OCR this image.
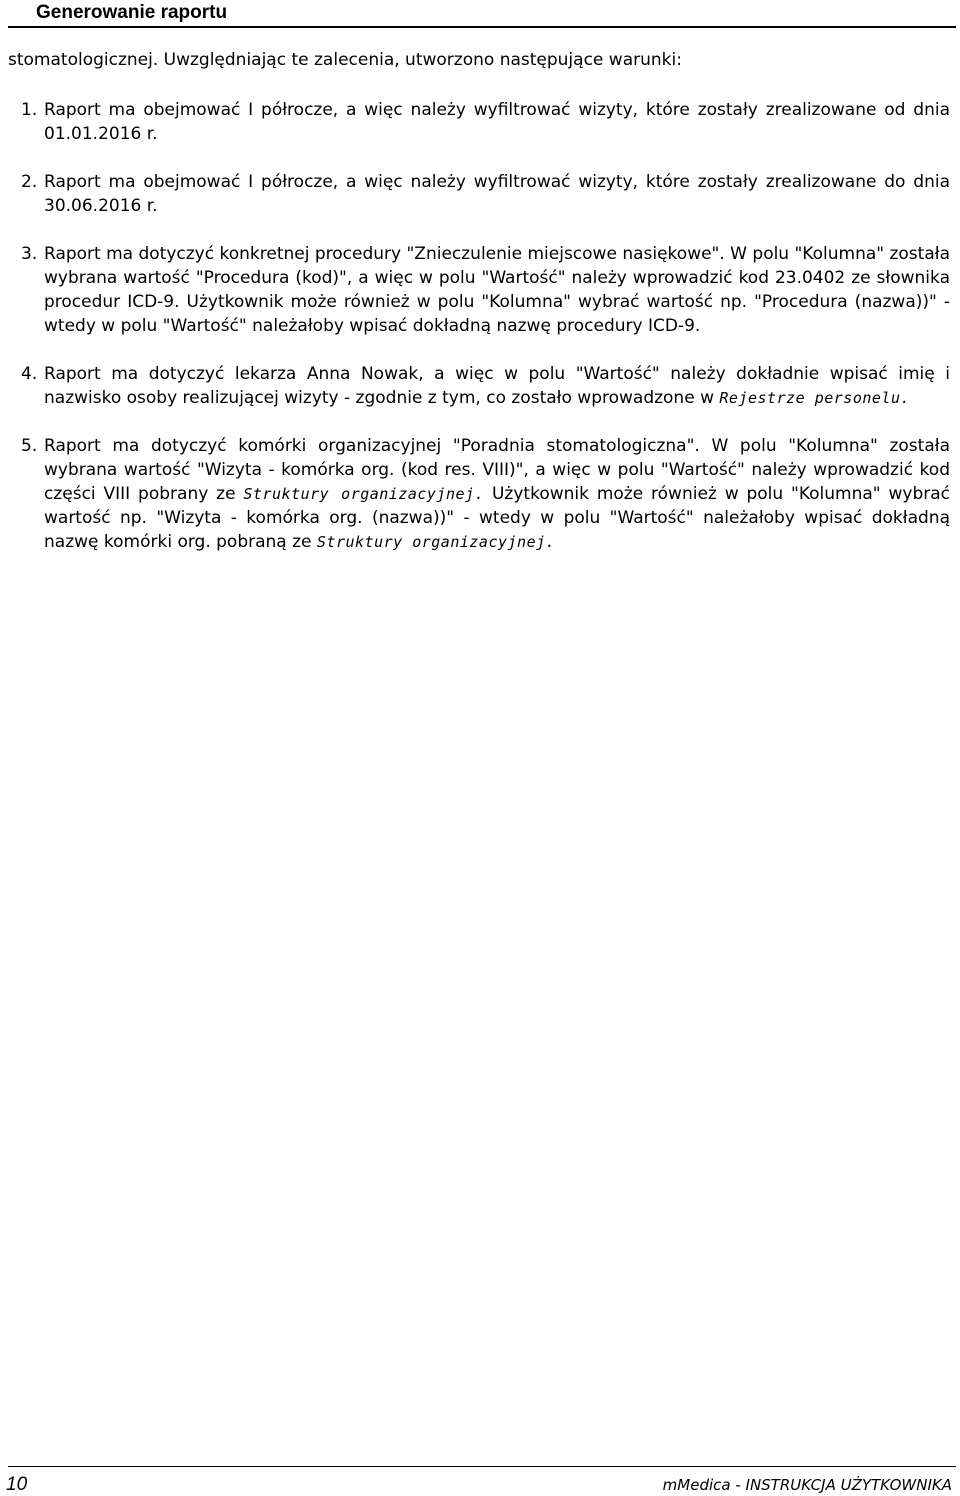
Generowanie raportu

stomatologicznej. Uwzględniając te zalecenia, utworzono następujące warunki:

1. Raport ma obejmować I półrocze, a więc należy wyfiltrować wizyty, które zostały zrealizowane od dnia 01.01.2016 r.

2. Raport ma obejmować I półrocze, a więc należy wyfiltrować wizyty, które zostały zrealizowane do dnia 30.06.2016 r.

3. Raport ma dotyczyć konkretnej procedury "Znieczulenie miejscowe nasiękowe". W polu "Kolumna" została wybrana wartość "Procedura (kod)", a więc w polu "Wartość" należy wprowadzić kod 23.0402 ze słownika procedur ICD-9. Użytkownik może również w polu "Kolumna" wybrać wartość np. "Procedura (nazwa))" - wtedy w polu "Wartość" należałoby wpisać dokładną nazwę procedury ICD-9.

4. Raport ma dotyczyć lekarza Anna Nowak, a więc w polu "Wartość" należy dokładnie wpisać imię i nazwisko osoby realizującej wizyty - zgodnie z tym, co zostało wprowadzone w Rejestrze personelu.

5. Raport ma dotyczyć komórki organizacyjnej "Poradnia stomatologiczna". W polu "Kolumna" została wybrana wartość "Wizyta - komórka org. (kod res. VIII)", a więc w polu "Wartość" należy wprowadzić kod części VIII pobrany ze Struktury organizacyjnej. Użytkownik może również w polu "Kolumna" wybrać wartość np. "Wizyta - komórka org. (nazwa))" - wtedy w polu "Wartość" należałoby wpisać dokładną nazwę komórki org. pobraną ze Struktury organizacyjnej.

10	mMedica - INSTRUKCJA UŻYTKOWNIKA
